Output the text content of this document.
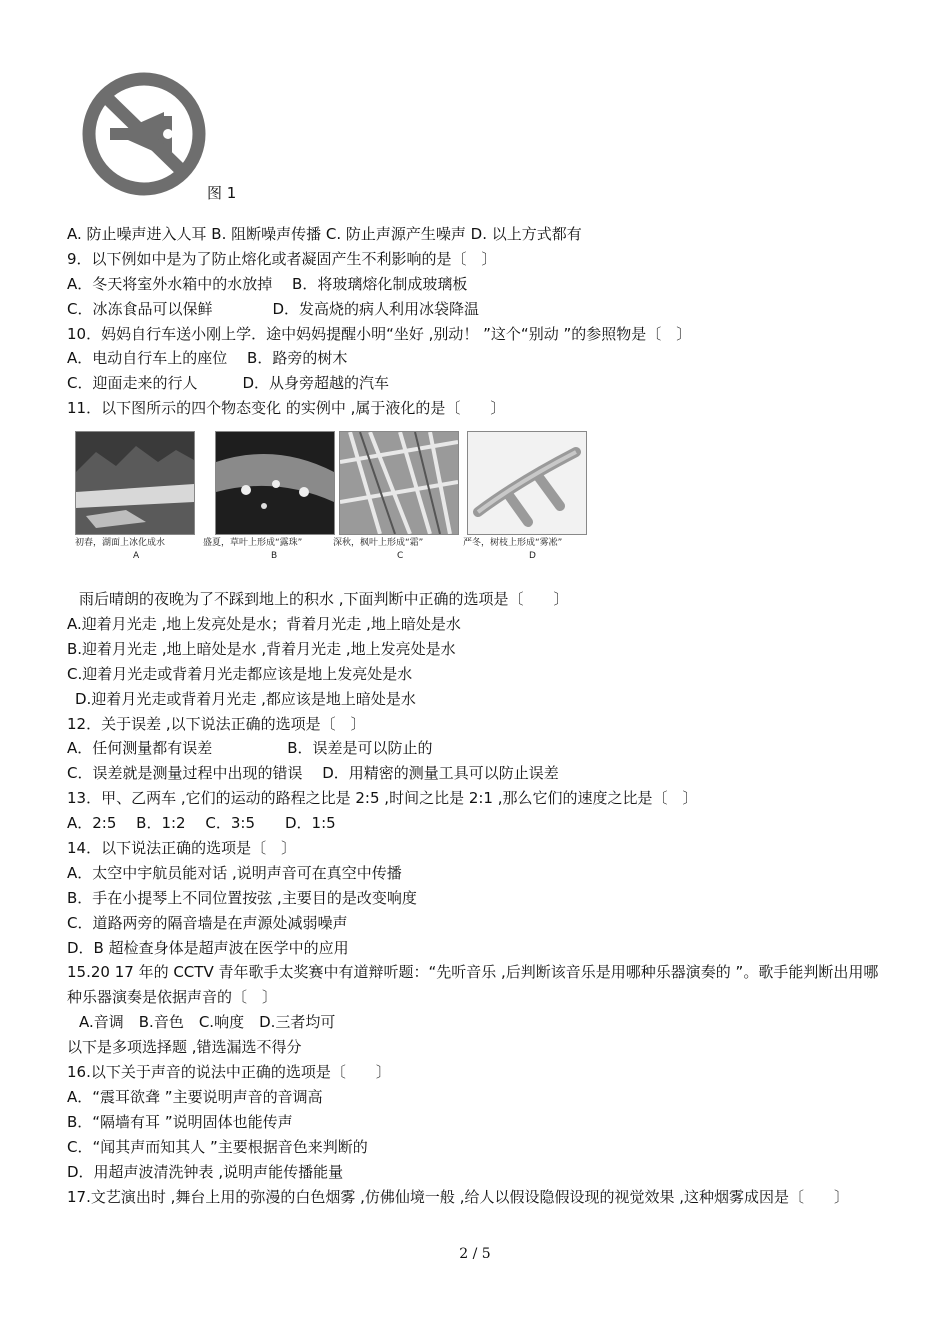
图 1
A. 防止噪声进入人耳 B. 阻断噪声传播 C. 防止声源产生噪声 D. 以上方式都有
9．以下例如中是为了防止熔化或者凝固产生不利影响的是〔　〕
A．冬天将室外水箱中的水放掉　 B．将玻璃熔化制成玻璃板
C．冰冻食品可以保鲜　　　　D．发高烧的病人利用冰袋降温
10．妈妈自行车送小刚上学．途中妈妈提醒小明“坐好 ,别动！ ”这个“别动 ”的参照物是〔　〕
A．电动自行车上的座位　 B．路旁的树木
C．迎面走来的行人　　　D．从身旁超越的汽车
11．以下图所示的四个物态变化 的实例中 ,属于液化的是〔　　〕
初春，湖面上冰化成水	盛夏，草叶上形成“露珠”	深秋，枫叶上形成“霜”	严冬，树枝上形成“雾凇”
A	B	C	D
雨后晴朗的夜晚为了不踩到地上的积水 ,下面判断中正确的选项是〔　　〕
A.迎着月光走 ,地上发亮处是水；背着月光走 ,地上暗处是水
B.迎着月光走 ,地上暗处是水 ,背着月光走 ,地上发亮处是水
C.迎着月光走或背着月光走都应该是地上发亮处是水
D.迎着月光走或背着月光走 ,都应该是地上暗处是水
12．关于误差 ,以下说法正确的选项是〔　〕
A．任何测量都有误差　　　　　B．误差是可以防止的
C．误差就是测量过程中出现的错误　 D．用精密的测量工具可以防止误差
13．甲、乙两车 ,它们的运动的路程之比是 2:5 ,时间之比是 2:1 ,那么它们的速度之比是〔　〕
A．2:5　 B．1:2　 C．3:5　　D．1:5
14．以下说法正确的选项是〔　〕
A．太空中宇航员能对话 ,说明声音可在真空中传播
B．手在小提琴上不同位置按弦 ,主要目的是改变响度
C．道路两旁的隔音墙是在声源处减弱噪声
D．B 超检查身体是超声波在医学中的应用
15.20 17 年的 CCTV 青年歌手太奖赛中有道辩听题：“先听音乐 ,后判断该音乐是用哪种乐器演奏的 ”。歌手能判断出用哪种乐器演奏是依据声音的〔　〕
A.音调　B.音色　C.响度　D.三者均可
以下是多项选择题 ,错选漏选不得分
16.以下关于声音的说法中正确的选项是〔　　〕
A．“震耳欲聋 ”主要说明声音的音调高
B．“隔墙有耳 ”说明固体也能传声
C．“闻其声而知其人 ”主要根据音色来判断的
D．用超声波清洗钟表 ,说明声能传播能量
17.文艺演出时 ,舞台上用的弥漫的白色烟雾 ,仿佛仙境一般 ,给人以假设隐假设现的视觉效果 ,这种烟雾成因是〔　　〕
2 / 5
